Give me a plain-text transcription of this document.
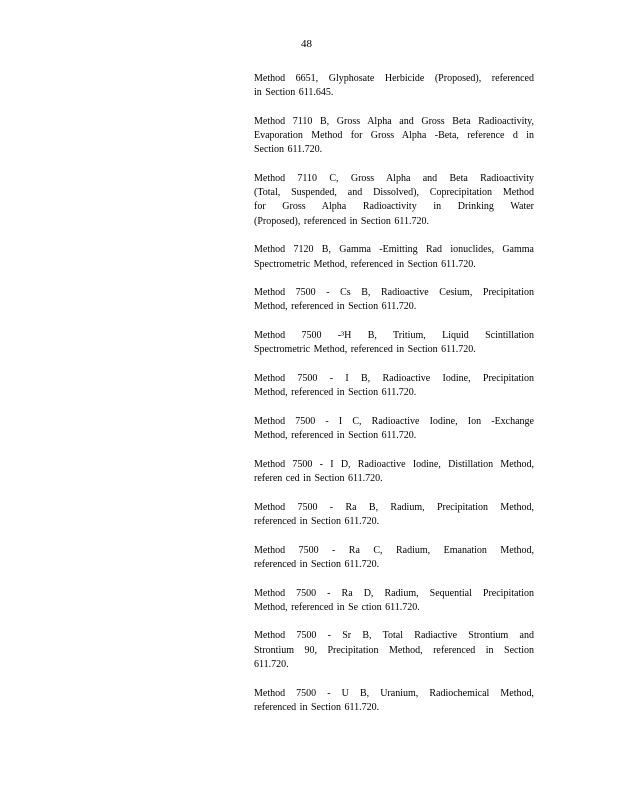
48
Method 6651, Glyphosate Herbicide (Proposed), referenced
in Section 611.645.
Method 7110 B, Gross Alpha and Gross Beta Radioactivity,
Evaporation Method for Gross Alpha -Beta, reference d in
Section 611.720.
Method 7110 C, Gross Alpha and Beta Radioactivity
(Total, Suspended, and Dissolved), Coprecipitation Method
for Gross Alpha Radioactivity in Drinking Water
(Proposed), referenced in Section 611.720.
Method 7120 B, Gamma -Emitting Rad ionuclides, Gamma
Spectrometric Method, referenced in Section 611.720.
Method 7500 - Cs B, Radioactive Cesium, Precipitation
Method, referenced in Section 611.720.
Method 7500 -³H B, Tritium, Liquid Scintillation
Spectrometric Method, referenced in Section 611.720.
Method 7500 - I B, Radioactive Iodine, Precipitation
Method, referenced in Section 611.720.
Method 7500 - I C, Radioactive Iodine, Ion -Exchange
Method, referenced in Section 611.720.
Method 7500 - I D, Radioactive Iodine, Distillation Method,
referen ced in Section 611.720.
Method 7500 - Ra B, Radium, Precipitation Method,
referenced in Section 611.720.
Method 7500 - Ra C, Radium, Emanation Method,
referenced in Section 611.720.
Method 7500 - Ra D, Radium, Sequential Precipitation
Method, referenced in Se ction 611.720.
Method 7500 - Sr B, Total Radiactive Strontium and
Strontium 90, Precipitation Method, referenced in Section
611.720.
Method 7500 - U B, Uranium, Radiochemical Method,
referenced in Section 611.720.
